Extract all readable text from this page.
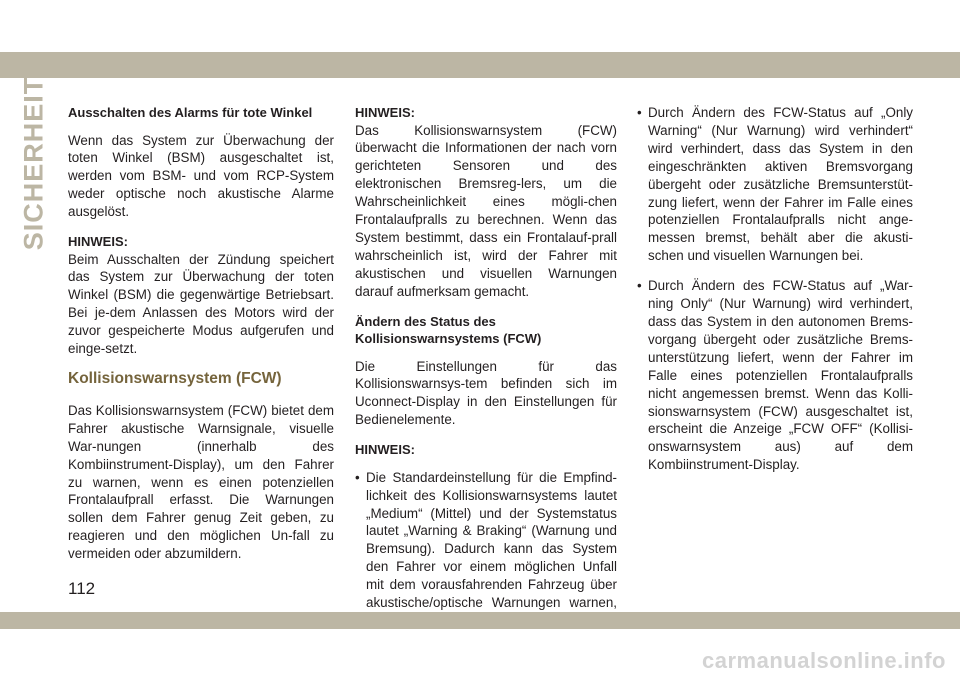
SICHERHEIT Ausschalten des Alarms für tote Winkel

Wenn das System zur Überwachung der toten Winkel (BSM) ausgeschaltet ist, werden vom BSM- und vom RCP-System weder optische noch akustische Alarme ausgelöst.

HINWEIS:

Beim Ausschalten der Zündung speichert das System zur Überwachung der toten Winkel (BSM) die gegenwärtige Betriebsart. Bei je-dem Anlassen des Motors wird der zuvor gespeicherte Modus aufgerufen und einge-setzt.

Kollisionswarnsystem (FCW)

Das Kollisionswarnsystem (FCW) bietet dem Fahrer akustische Warnsignale, visuelle War-nungen (innerhalb des Kombiinstrument-Display), um den Fahrer zu warnen, wenn es einen potenziellen Frontalaufprall erfasst. Die Warnungen sollen dem Fahrer genug Zeit geben, zu reagieren und den möglichen Un-fall zu vermeiden oder abzumildern.

HINWEIS:

Das Kollisionswarnsystem (FCW) überwacht die Informationen der nach vorn gerichteten Sensoren und des elektronischen Bremsreg-lers, um die Wahrscheinlichkeit eines mögli-chen Frontalaufpralls zu berechnen. Wenn das System bestimmt, dass ein Frontalauf-prall wahrscheinlich ist, wird der Fahrer mit akustischen und visuellen Warnungen darauf aufmerksam gemacht.

Ändern des Status des Kollisionswarnsystems (FCW)

Die Einstellungen für das Kollisionswarnsys-tem befinden sich im Uconnect-Display in den Einstellungen für Bedienelemente.

HINWEIS:
• Die Standardeinstellung für die Empfind-lichkeit des Kollisionswarnsystems lautet „Medium“ (Mittel) und der Systemstatus lautet „Warning & Braking“ (Warnung und Bremsung). Dadurch kann das System den Fahrer vor einem möglichen Unfall mit dem vorausfahrenden Fahrzeug über akustische/optische Warnungen warnen,
• Durch Ändern des FCW-Status auf „Only Warning“ (Nur Warnung) wird verhindert“ wird verhindert, dass das System in den eingeschränkten aktiven Bremsvorgang übergeht oder zusätzliche Bremsunterstüt-zung liefert, wenn der Fahrer im Falle eines potenziellen Frontalaufpralls nicht ange-messen bremst, behält aber die akusti-schen und visuellen Warnungen bei.
• Durch Ändern des FCW-Status auf „War-ning Only“ (Nur Warnung) wird verhindert, dass das System in den autonomen Brems-vorgang übergeht oder zusätzliche Brems-unterstützung liefert, wenn der Fahrer im Falle eines potenziellen Frontalaufpralls nicht angemessen bremst. Wenn das Kolli-sionswarnsystem (FCW) ausgeschaltet ist, erscheint die Anzeige „FCW OFF“ (Kollisi-onswarnsystem aus) auf dem Kombiinstrument-Display.
112
carmanualsonline.info
